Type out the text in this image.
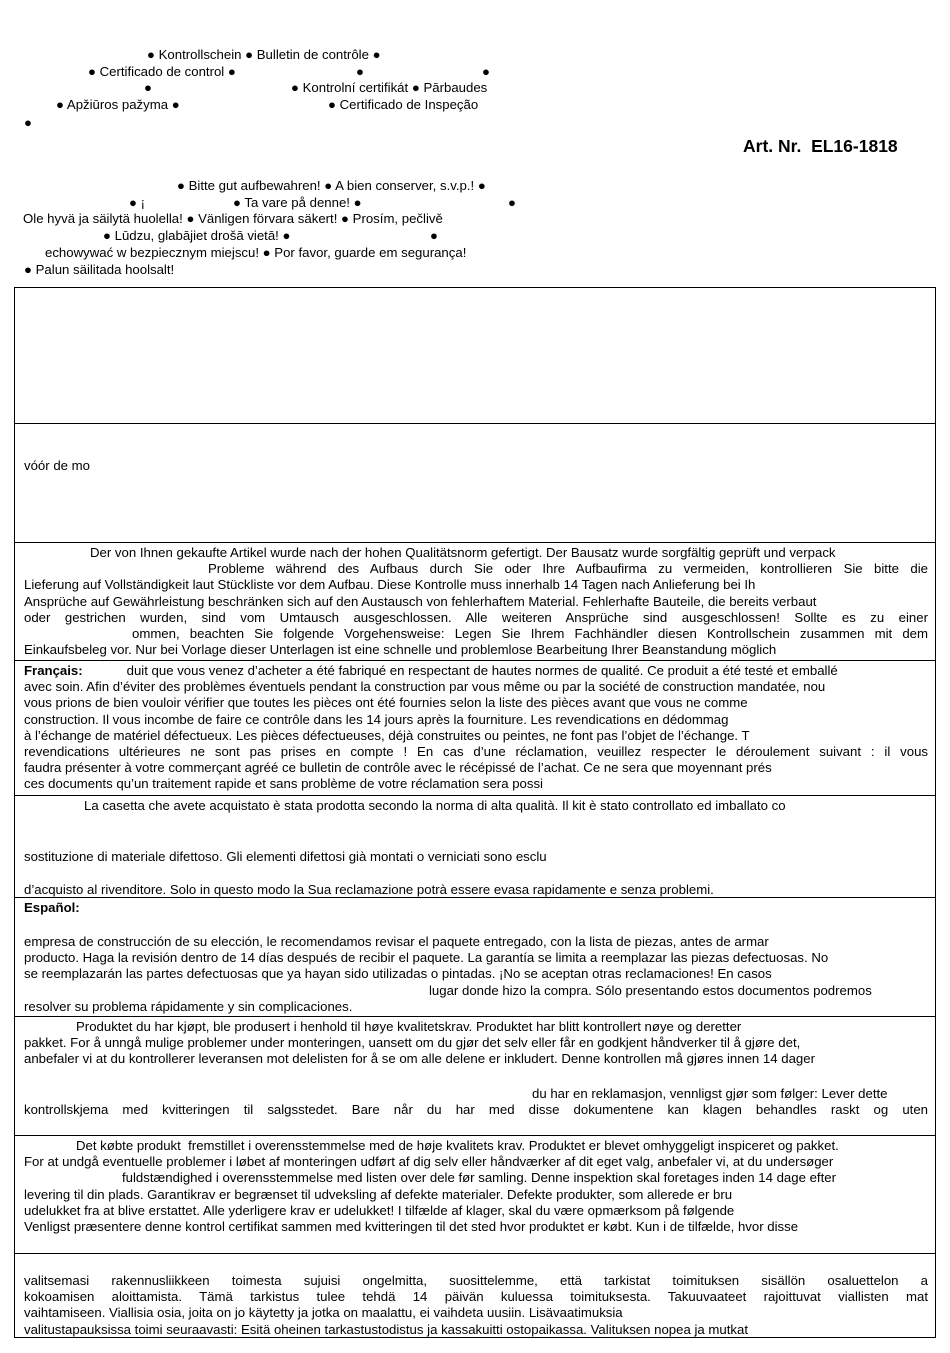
● Kontrollschein ● Bulletin de contrôle ●
● Certificado de control ●	●	●
●	● Kontrolní certifikát ● Pārbaudes
● Apžiūros pažyma ●	● Certificado de Inspeção
●
Art. Nr.  EL16-1818
● Bitte gut aufbewahren! ● A bien conserver, s.v.p.! ●
● ¡	● Ta vare på denne! ●	●
Ole hyvä ja säilytä huolella! ● Vänligen förvara säkert! ● Prosím, pečlivě
● Lūdzu, glabājiet drošā vietā! ●	●
echowywać w bezpiecznym miejscu! ● Por favor, guarde em segurança!
● Palun säilitada hoolsalt!
vóór de mo
Der von Ihnen gekaufte Artikel wurde nach der hohen Qualitätsnorm gefertigt. Der Bausatz wurde sorgfältig geprüft und verpack
Probleme während des Aufbaus durch Sie oder Ihre Aufbaufirma zu vermeiden, kontrollieren Sie bitte die
Lieferung auf Vollständigkeit laut Stückliste vor dem Aufbau. Diese Kontrolle muss innerhalb 14 Tagen nach Anlieferung bei Ih
Ansprüche auf Gewährleistung beschränken sich auf den Austausch von fehlerhaftem Material. Fehlerhafte Bauteile, die bereits verbaut
oder gestrichen wurden, sind vom Umtausch ausgeschlossen. Alle weiteren Ansprüche sind ausgeschlossen! Sollte es zu einer
ommen, beachten Sie folgende Vorgehensweise: Legen Sie Ihrem Fachhändler diesen Kontrollschein zusammen mit dem
Einkaufsbeleg vor. Nur bei Vorlage dieser Unterlagen ist eine schnelle und problemlose Bearbeitung Ihrer Beanstandung möglich
Français:	duit que vous venez d’acheter a été fabriqué en respectant de hautes normes de qualité. Ce produit a été testé et emballé
avec soin. Afin d’éviter des problèmes éventuels pendant la construction par vous même ou par la société de construction mandatée, nou
vous prions de bien vouloir vérifier que toutes les pièces ont été fournies selon la liste des pièces avant que vous ne comme
construction. Il vous incombe de faire ce contrôle dans les 14 jours après la fourniture. Les revendications en dédommag
à l’échange de matériel défectueux. Les pièces défectueuses, déjà construites ou peintes, ne font pas l’objet de l’échange. T
revendications ultérieures ne sont pas prises en compte ! En cas d’une réclamation, veuillez respecter le déroulement suivant : il vous
faudra présenter à votre commerçant agréé ce bulletin de contrôle avec le récépissé de l’achat. Ce ne sera que moyennant prés
ces documents qu’un traitement rapide et sans problème de votre réclamation sera possi
La casetta che avete acquistato è stata prodotta secondo la norma di alta qualità. Il kit è stato controllato ed imballato co
sostituzione di materiale difettoso. Gli elementi difettosi già montati o verniciati sono esclu
d’acquisto al rivenditore. Solo in questo modo la Sua reclamazione potrà essere evasa rapidamente e senza problemi.
Español:
empresa de construcción de su elección, le recomendamos revisar el paquete entregado, con la lista de piezas, antes de armar
producto. Haga la revisión dentro de 14 días después de recibir el paquete. La garantía se limita a reemplazar las piezas defectuosas. No
se reemplazarán las partes defectuosas que ya hayan sido utilizadas o pintadas. ¡No se aceptan otras reclamaciones! En casos
lugar donde hizo la compra. Sólo presentando estos documentos podremos
resolver su problema rápidamente y sin complicaciones.
Produktet du har kjøpt, ble produsert i henhold til høye kvalitetskrav. Produktet har blitt kontrollert nøye og deretter
pakket. For å unngå mulige problemer under monteringen, uansett om du gjør det selv eller får en godkjent håndverker til å gjøre det,
anbefaler vi at du kontrollerer leveransen mot delelisten for å se om alle delene er inkludert. Denne kontrollen må gjøres innen 14 dager
du har en reklamasjon, vennligst gjør som følger: Lever dette
kontrollskjema med kvitteringen til salgsstedet. Bare når du har med disse dokumentene kan klagen behandles raskt og uten
Det købte produkt  fremstillet i overensstemmelse med de høje kvalitets krav. Produktet er blevet omhyggeligt inspiceret og pakket.
For at undgå eventuelle problemer i løbet af monteringen udført af dig selv eller håndværker af dit eget valg, anbefaler vi, at du undersøger
fuldstændighed i overensstemmelse med listen over dele før samling. Denne inspektion skal foretages inden 14 dage efter
levering til din plads. Garantikrav er begrænset til udveksling af defekte materialer. Defekte produkter, som allerede er bru
udelukket fra at blive erstattet. Alle yderligere krav er udelukket! I tilfælde af klager, skal du være opmærksom på følgende
Venligst præsentere denne kontrol certifikat sammen med kvitteringen til det sted hvor produktet er købt. Kun i de tilfælde, hvor disse
valitsemasi rakennusliikkeen toimesta sujuisi ongelmitta, suosittelemme, että tarkistat toimituksen sisällön osaluettelon a
kokoamisen aloittamista. Tämä tarkistus tulee tehdä 14 päivän kuluessa toimituksesta. Takuuvaateet rajoittuvat viallisten mat
vaihtamiseen. Viallisia osia, joita on jo käytetty ja jotka on maalattu, ei vaihdeta uusiin. Lisävaatimuksia
valitustapauksissa toimi seuraavasti: Esitä oheinen tarkastustodistus ja kassakuitti ostopaikassa. Valituksen nopea ja mutkat
